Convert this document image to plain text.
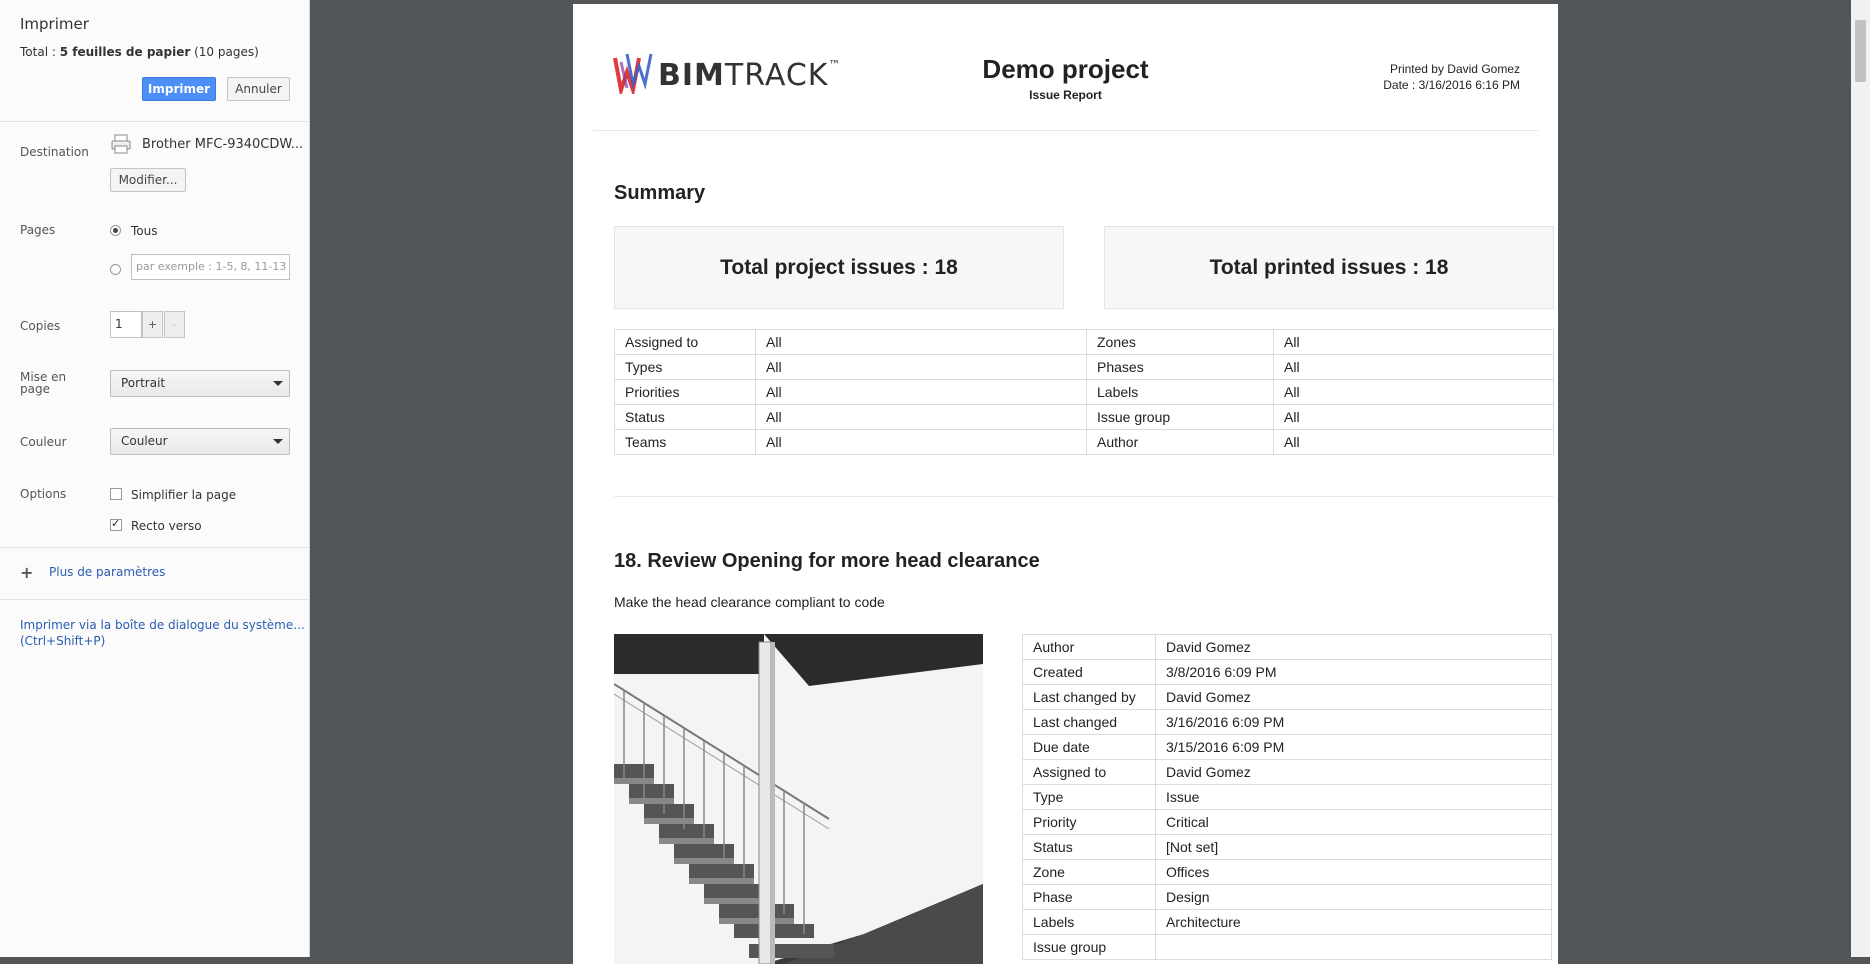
Imprimer
Total : 5 feuilles de papier (10 pages)
Imprimer	Annuler
Destination	Brother MFC-9340CDW...
Modifier...
Pages	Tous
par exemple : 1-5, 8, 11-13
Copies	1	+	–
Mise en
page	Portrait
Couleur	Couleur
Options	Simplifier la page
✓
Recto verso
+ Plus de paramètres
Imprimer via la boîte de dialogue du système...
(Ctrl+Shift+P)
BIMTRACK™	Demo project
Issue Report
Printed by David Gomez
Date : 3/16/2016 6:16 PM
Summary
Total project issues : 18	Total printed issues : 18
Assigned to	All	Zones	All
Types	All	Phases	All
Priorities	All	Labels	All
Status	All	Issue group	All
Teams	All	Author	All
18. Review Opening for more head clearance
Make the head clearance compliant to code
Author	David Gomez
Created	3/8/2016 6:09 PM
Last changed by	David Gomez
Last changed	3/16/2016 6:09 PM
Due date	3/15/2016 6:09 PM
Assigned to	David Gomez
Type	Issue
Priority	Critical
Status	[Not set]
Zone	Offices
Phase	Design
Labels	Architecture
Issue group	
